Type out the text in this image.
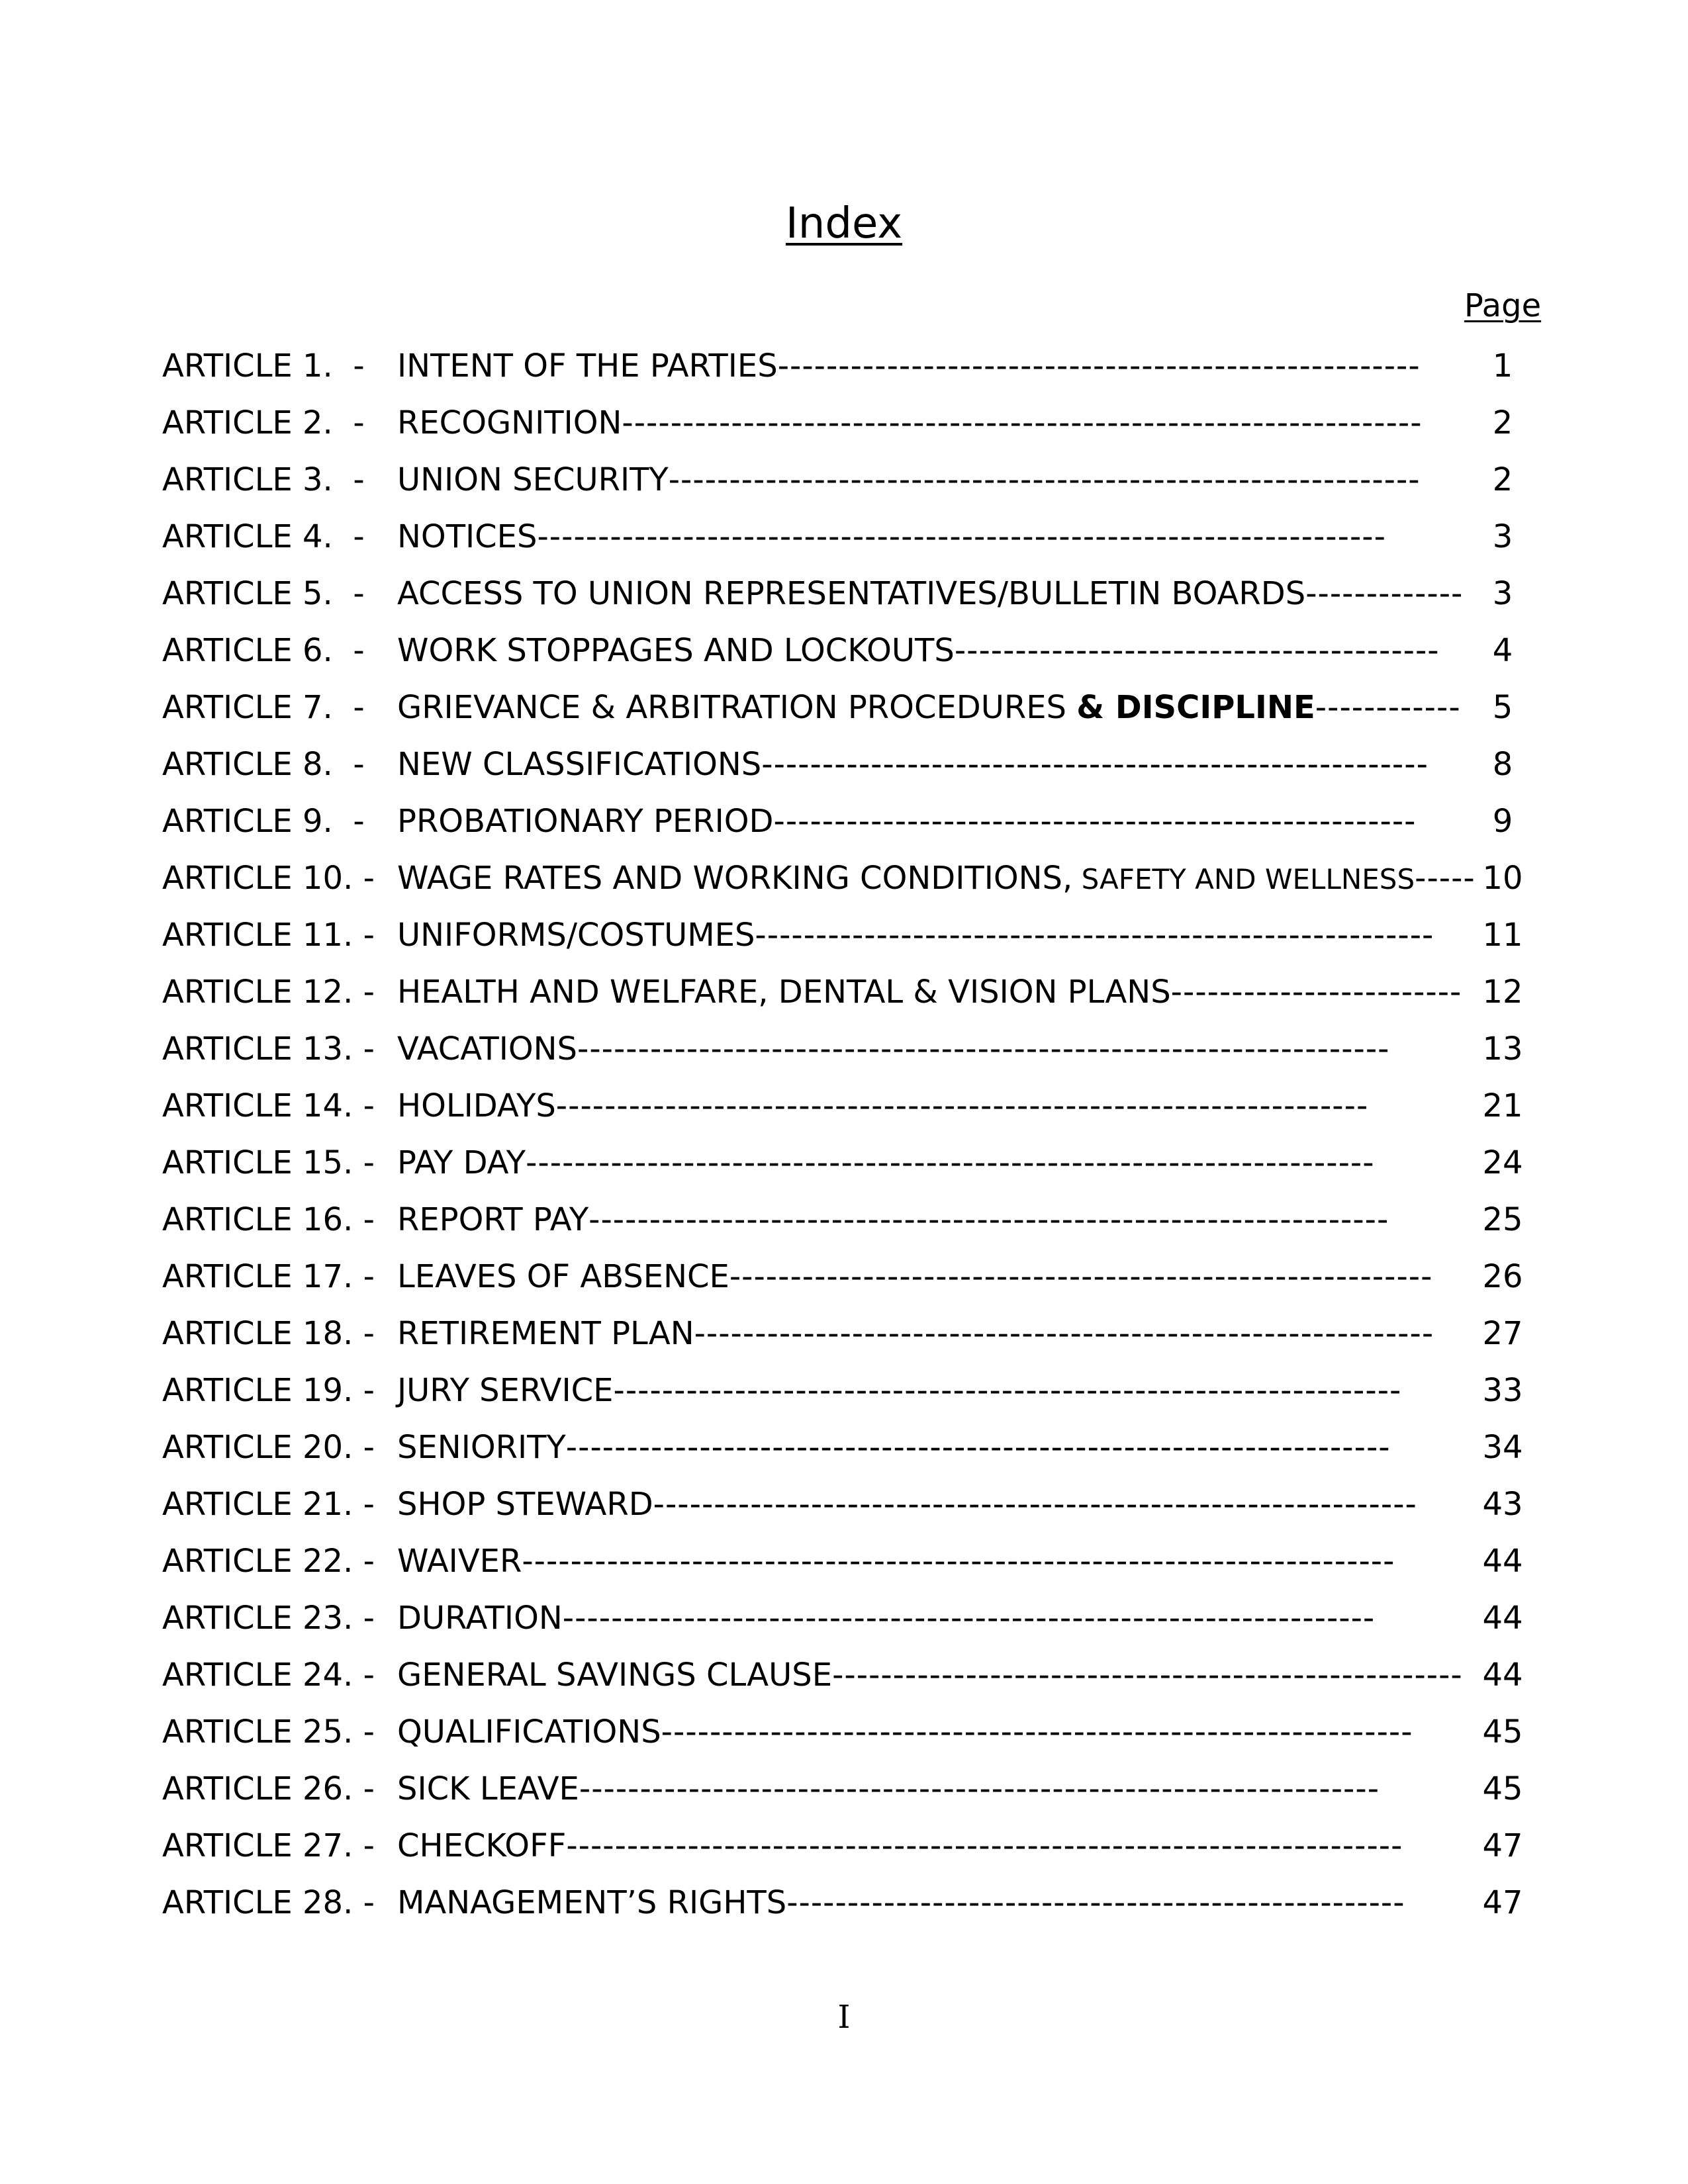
Index
Page
ARTICLE 1.  - INTENT OF THE PARTIES-----------------------------------------------------	1
ARTICLE 2.  - RECOGNITION------------------------------------------------------------------	2
ARTICLE 3.  - UNION SECURITY--------------------------------------------------------------	2
ARTICLE 4.  - NOTICES----------------------------------------------------------------------	3
ARTICLE 5.  - ACCESS TO UNION REPRESENTATIVES/BULLETIN BOARDS------------- 3
ARTICLE 6.  - WORK STOPPAGES AND LOCKOUTS----------------------------------------	4
ARTICLE 7.  - GRIEVANCE & ARBITRATION PROCEDURES & DISCIPLINE------------	5
ARTICLE 8.  - NEW CLASSIFICATIONS-------------------------------------------------------	8
ARTICLE 9.  - PROBATIONARY PERIOD-----------------------------------------------------	9
ARTICLE 10. - WAGE RATES AND WORKING CONDITIONS, SAFETY AND WELLNESS----- 10
ARTICLE 11. - UNIFORMS/COSTUMES--------------------------------------------------------	11
ARTICLE 12. - HEALTH AND WELFARE, DENTAL & VISION PLANS------------------------ 12
ARTICLE 13. - VACATIONS-------------------------------------------------------------------	13
ARTICLE 14. - HOLIDAYS-------------------------------------------------------------------	21
ARTICLE 15. - PAY DAY----------------------------------------------------------------------	24
ARTICLE 16. - REPORT PAY------------------------------------------------------------------	25
ARTICLE 17. - LEAVES OF ABSENCE----------------------------------------------------------	26
ARTICLE 18. - RETIREMENT PLAN-------------------------------------------------------------	27
ARTICLE 19. - JURY SERVICE-----------------------------------------------------------------	33
ARTICLE 20. - SENIORITY--------------------------------------------------------------------	34
ARTICLE 21. - SHOP STEWARD---------------------------------------------------------------	43
ARTICLE 22. - WAIVER------------------------------------------------------------------------	44
ARTICLE 23. - DURATION-------------------------------------------------------------------	44
ARTICLE 24. - GENERAL SAVINGS CLAUSE---------------------------------------------------- 44
ARTICLE 25. - QUALIFICATIONS--------------------------------------------------------------	45
ARTICLE 26. - SICK LEAVE------------------------------------------------------------------	45
ARTICLE 27. - CHECKOFF---------------------------------------------------------------------	47
ARTICLE 28. - MANAGEMENT’S RIGHTS---------------------------------------------------	47
I
